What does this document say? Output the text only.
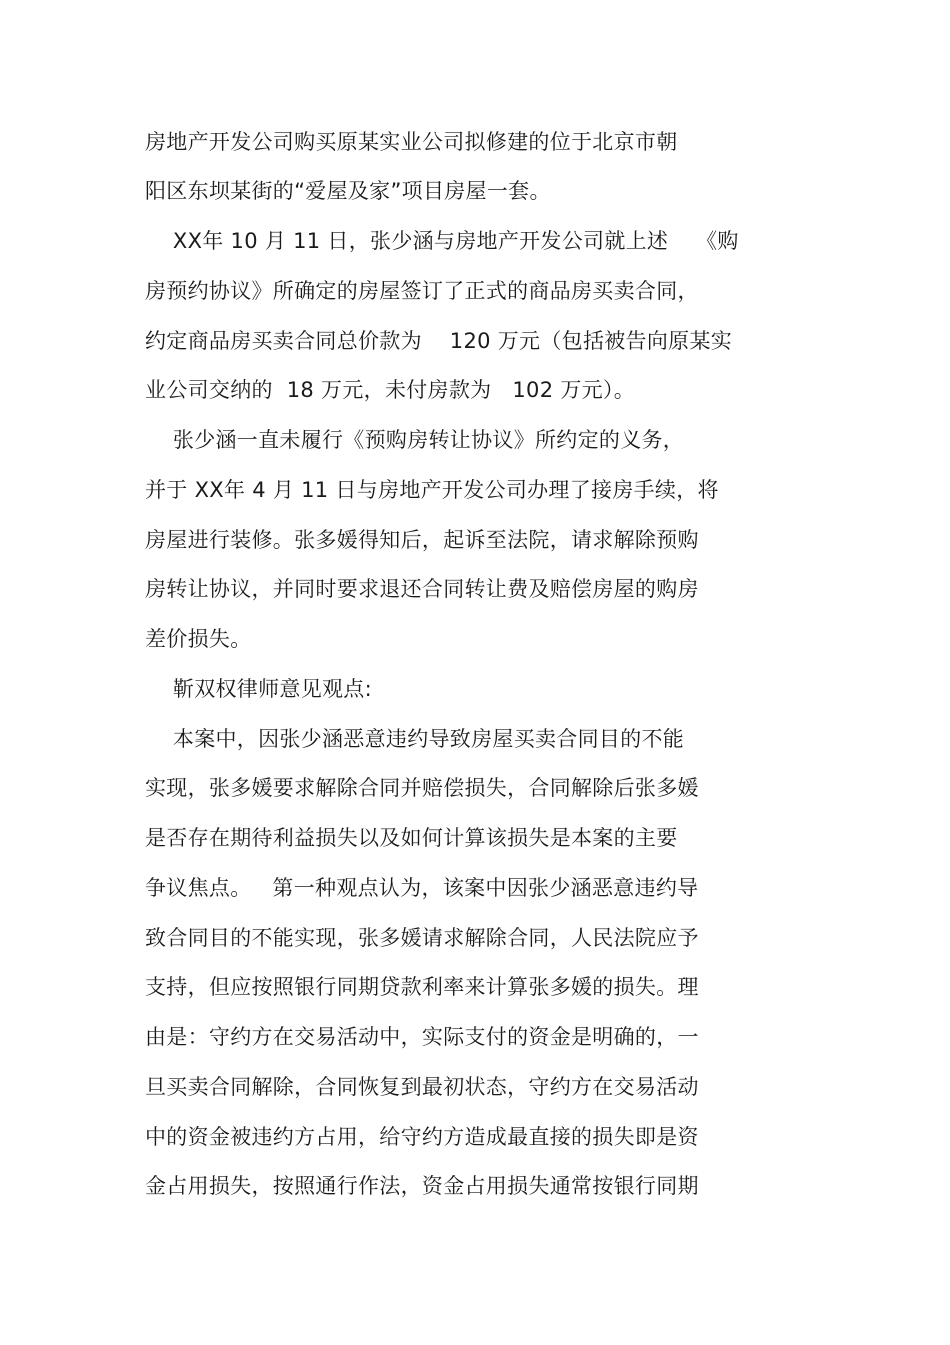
房地产开发公司购买原某实业公司拟修建的位于北京市朝
阳区东坝某街的“爱屋及家”项目房屋一套。
XX年 10 月 11 日，张少涵与房地产开发公司就上述    《购
房预约协议》所确定的房屋签订了正式的商品房买卖合同，
约定商品房买卖合同总价款为    120 万元（包括被告向原某实
业公司交纳的  18 万元，未付房款为   102 万元）。
张少涵一直未履行《预购房转让协议》所约定的义务，
并于 XX年 4 月 11 日与房地产开发公司办理了接房手续，将
房屋进行装修。张多媛得知后，起诉至法院，请求解除预购
房转让协议，并同时要求退还合同转让费及赔偿房屋的购房
差价损失。
靳双权律师意见观点:
本案中，因张少涵恶意违约导致房屋买卖合同目的不能
实现，张多媛要求解除合同并赔偿损失，合同解除后张多媛
是否存在期待利益损失以及如何计算该损失是本案的主要
争议焦点。   第一种观点认为，该案中因张少涵恶意违约导
致合同目的不能实现，张多媛请求解除合同，人民法院应予
支持，但应按照银行同期贷款利率来计算张多媛的损失。理
由是：守约方在交易活动中，实际支付的资金是明确的，一
旦买卖合同解除，合同恢复到最初状态，守约方在交易活动
中的资金被违约方占用，给守约方造成最直接的损失即是资
金占用损失，按照通行作法，资金占用损失通常按银行同期
